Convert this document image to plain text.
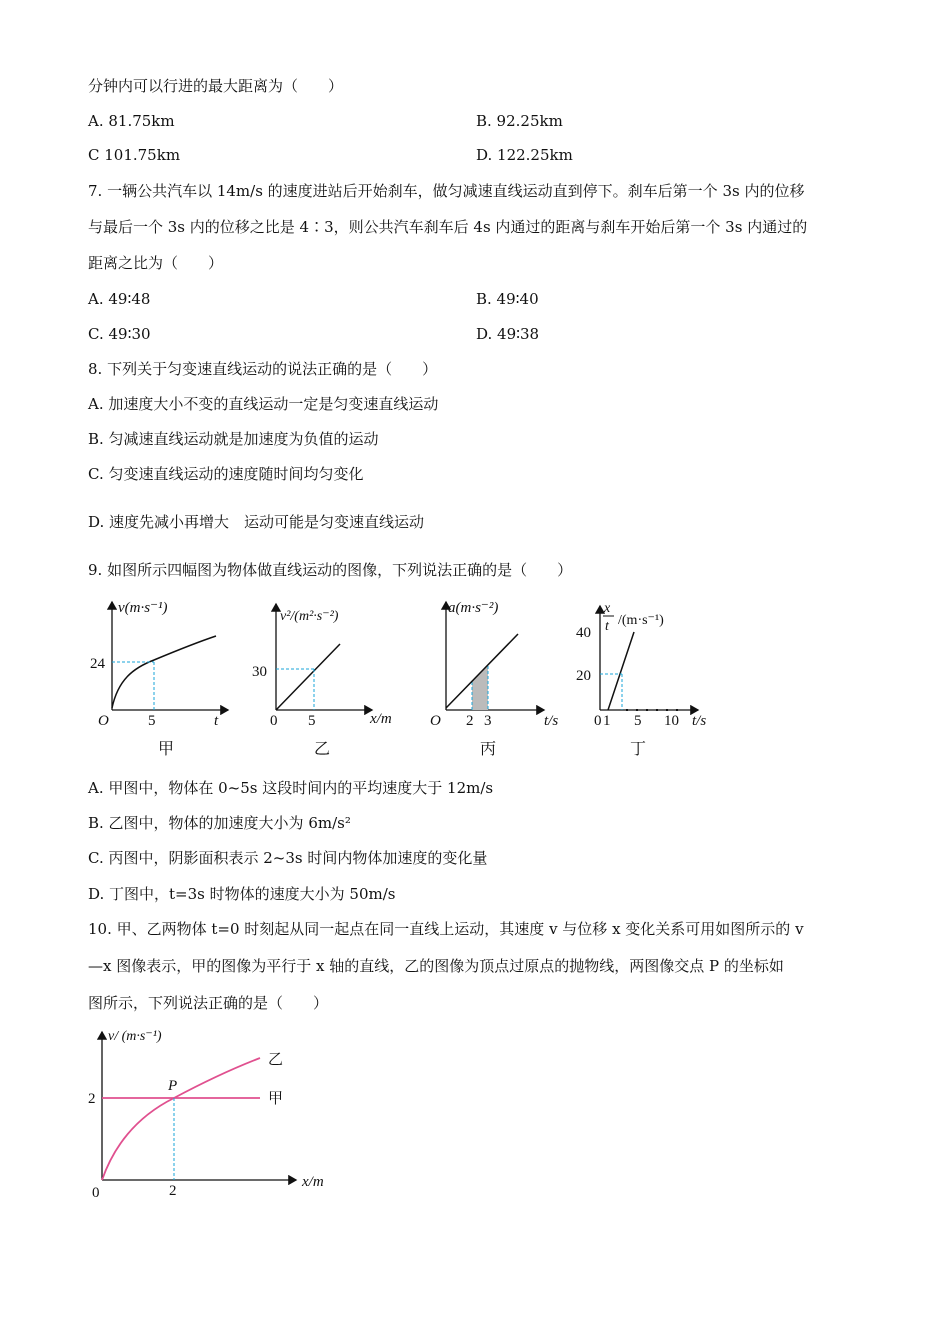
分钟内可以行进的最大距离为（　　）
A. 81.75km	B. 92.25km
C 101.75km	D. 122.25km
7. 一辆公共汽车以 14m/s 的速度进站后开始刹车，做匀减速直线运动直到停下。刹车后第一个 3s 内的位移
与最后一个 3s 内的位移之比是 4∶3，则公共汽车刹车后 4s 内通过的距离与刹车开始后第一个 3s 内通过的
距离之比为（　　）
A. 49∶48	B. 49∶40
C. 49∶30	D. 49∶38
8. 下列关于匀变速直线运动的说法正确的是（　　）
A. 加速度大小不变的直线运动一定是匀变速直线运动
B. 匀减速直线运动就是加速度为负值的运动
C. 匀变速直线运动的速度随时间均匀变化
D. 速度先减小再增大　运动可能是匀变速直线运动
9. 如图所示四幅图为物体做直线运动的图像，下列说法正确的是（　　）
v(m·s⁻¹)
24
5	t
O
甲
v²/(m²·s⁻²)
30
0 5	x/m
乙
a(m·s⁻²)
O 2 3	t/s
丙
x
t /(m·s⁻¹)
40
20
0 1 5 10 t/s
丁
A. 甲图中，物体在 0~5s 这段时间内的平均速度大于 12m/s
B. 乙图中，物体的加速度大小为 6m/s²
C. 丙图中，阴影面积表示 2~3s 时间内物体加速度的变化量
D. 丁图中，t=3s 时物体的速度大小为 50m/s
10. 甲、乙两物体 t=0 时刻起从同一起点在同一直线上运动，其速度 v 与位移 x 变化关系可用如图所示的 v
—x 图像表示，甲的图像为平行于 x 轴的直线，乙的图像为顶点过原点的抛物线，两图像交点 P 的坐标如
图所示，下列说法正确的是（　　）
v/ (m·s⁻¹)
2
0	2
x/m
P
乙
甲
